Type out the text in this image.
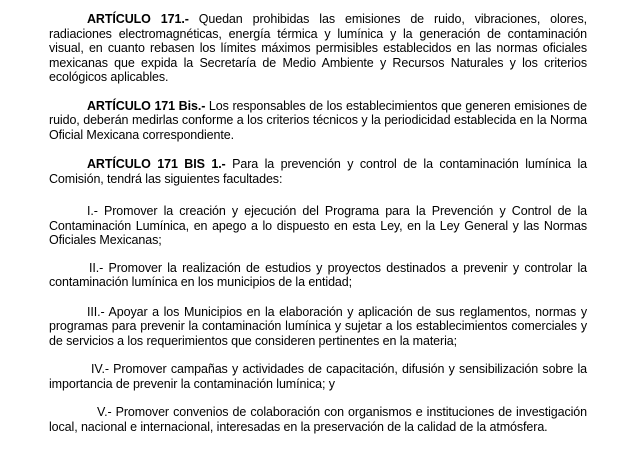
ARTÍCULO 171.- Quedan prohibidas las emisiones de ruido, vibraciones, olores, radiaciones electromagnéticas, energía térmica y lumínica y la generación de contaminación visual, en cuanto rebasen los límites máximos permisibles establecidos en las normas oficiales mexicanas que expida la Secretaría de Medio Ambiente y Recursos Naturales y los criterios ecológicos aplicables.

ARTÍCULO 171 Bis.- Los responsables de los establecimientos que generen emisiones de ruido, deberán medirlas conforme a los criterios técnicos y la periodicidad establecida en la Norma Oficial Mexicana correspondiente.

ARTÍCULO 171 BIS 1.- Para la prevención y control de la contaminación lumínica la Comisión, tendrá las siguientes facultades:

I.- Promover la creación y ejecución del Programa para la Prevención y Control de la Contaminación Lumínica, en apego a lo dispuesto en esta Ley, en la Ley General y las Normas Oficiales Mexicanas;

II.- Promover la realización de estudios y proyectos destinados a prevenir y controlar la contaminación lumínica en los municipios de la entidad;

III.- Apoyar a los Municipios en la elaboración y aplicación de sus reglamentos, normas y programas para prevenir la contaminación lumínica y sujetar a los establecimientos comerciales y de servicios a los requerimientos que consideren pertinentes en la materia;

IV.- Promover campañas y actividades de capacitación, difusión y sensibilización sobre la importancia de prevenir la contaminación lumínica; y

V.- Promover convenios de colaboración con organismos e instituciones de investigación local, nacional e internacional, interesadas en la preservación de la calidad de la atmósfera.
